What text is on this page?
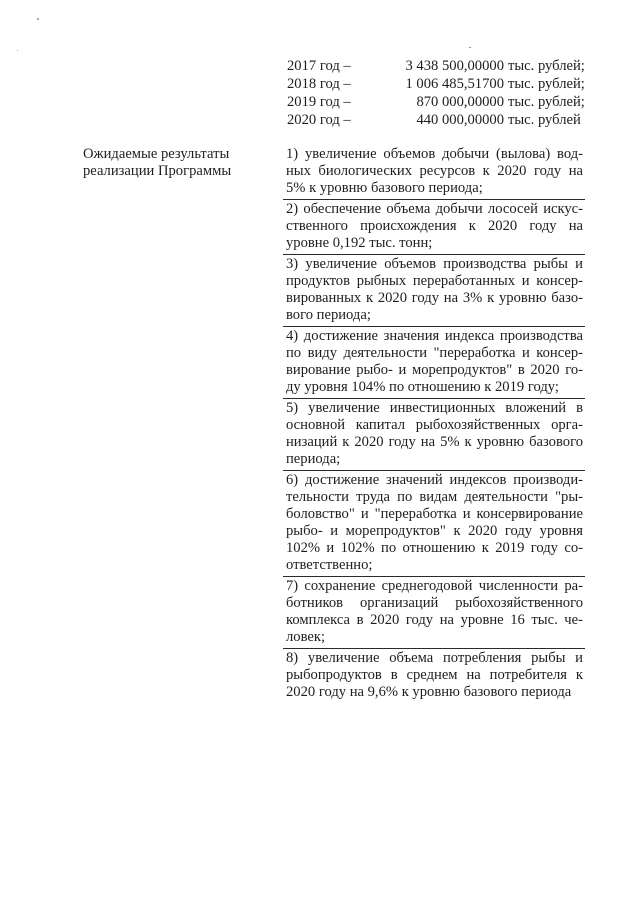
2017 год –	3 438 500,00000 тыс. рублей;
2018 год –	1 006 485,51700 тыс. рублей;
2019 год –	870 000,00000 тыс. рублей;
2020 год –	440 000,00000 тыс. рублей
Ожидаемые результаты реализации Программы
1) увеличение объемов добычи (вылова) вод-
ных биологических ресурсов к 2020 году на
5% к уровню базового периода;
2) обеспечение объема добычи лососей искус-
ственного происхождения к 2020 году на
уровне 0,192 тыс. тонн;
3) увеличение объемов производства рыбы и
продуктов рыбных переработанных и консер-
вированных к 2020 году на 3% к уровню базо-
вого периода;
4) достижение значения индекса производства
по виду деятельности "переработка и консер-
вирование рыбо- и морепродуктов" в 2020 го-
ду уровня 104% по отношению к 2019 году;
5) увеличение инвестиционных вложений в
основной капитал рыбохозяйственных орга-
низаций к 2020 году на 5% к уровню базового
периода;
6) достижение значений индексов производи-
тельности труда по видам деятельности "ры-
боловство" и "переработка и консервирование
рыбо- и морепродуктов" к 2020 году уровня
102% и 102% по отношению к 2019 году со-
ответственно;
7) сохранение среднегодовой численности ра-
ботников организаций рыбохозяйственного
комплекса в 2020 году на уровне 16 тыс. че-
ловек;
8) увеличение объема потребления рыбы и
рыбопродуктов в среднем на потребителя к
2020 году на 9,6% к уровню базового периода
